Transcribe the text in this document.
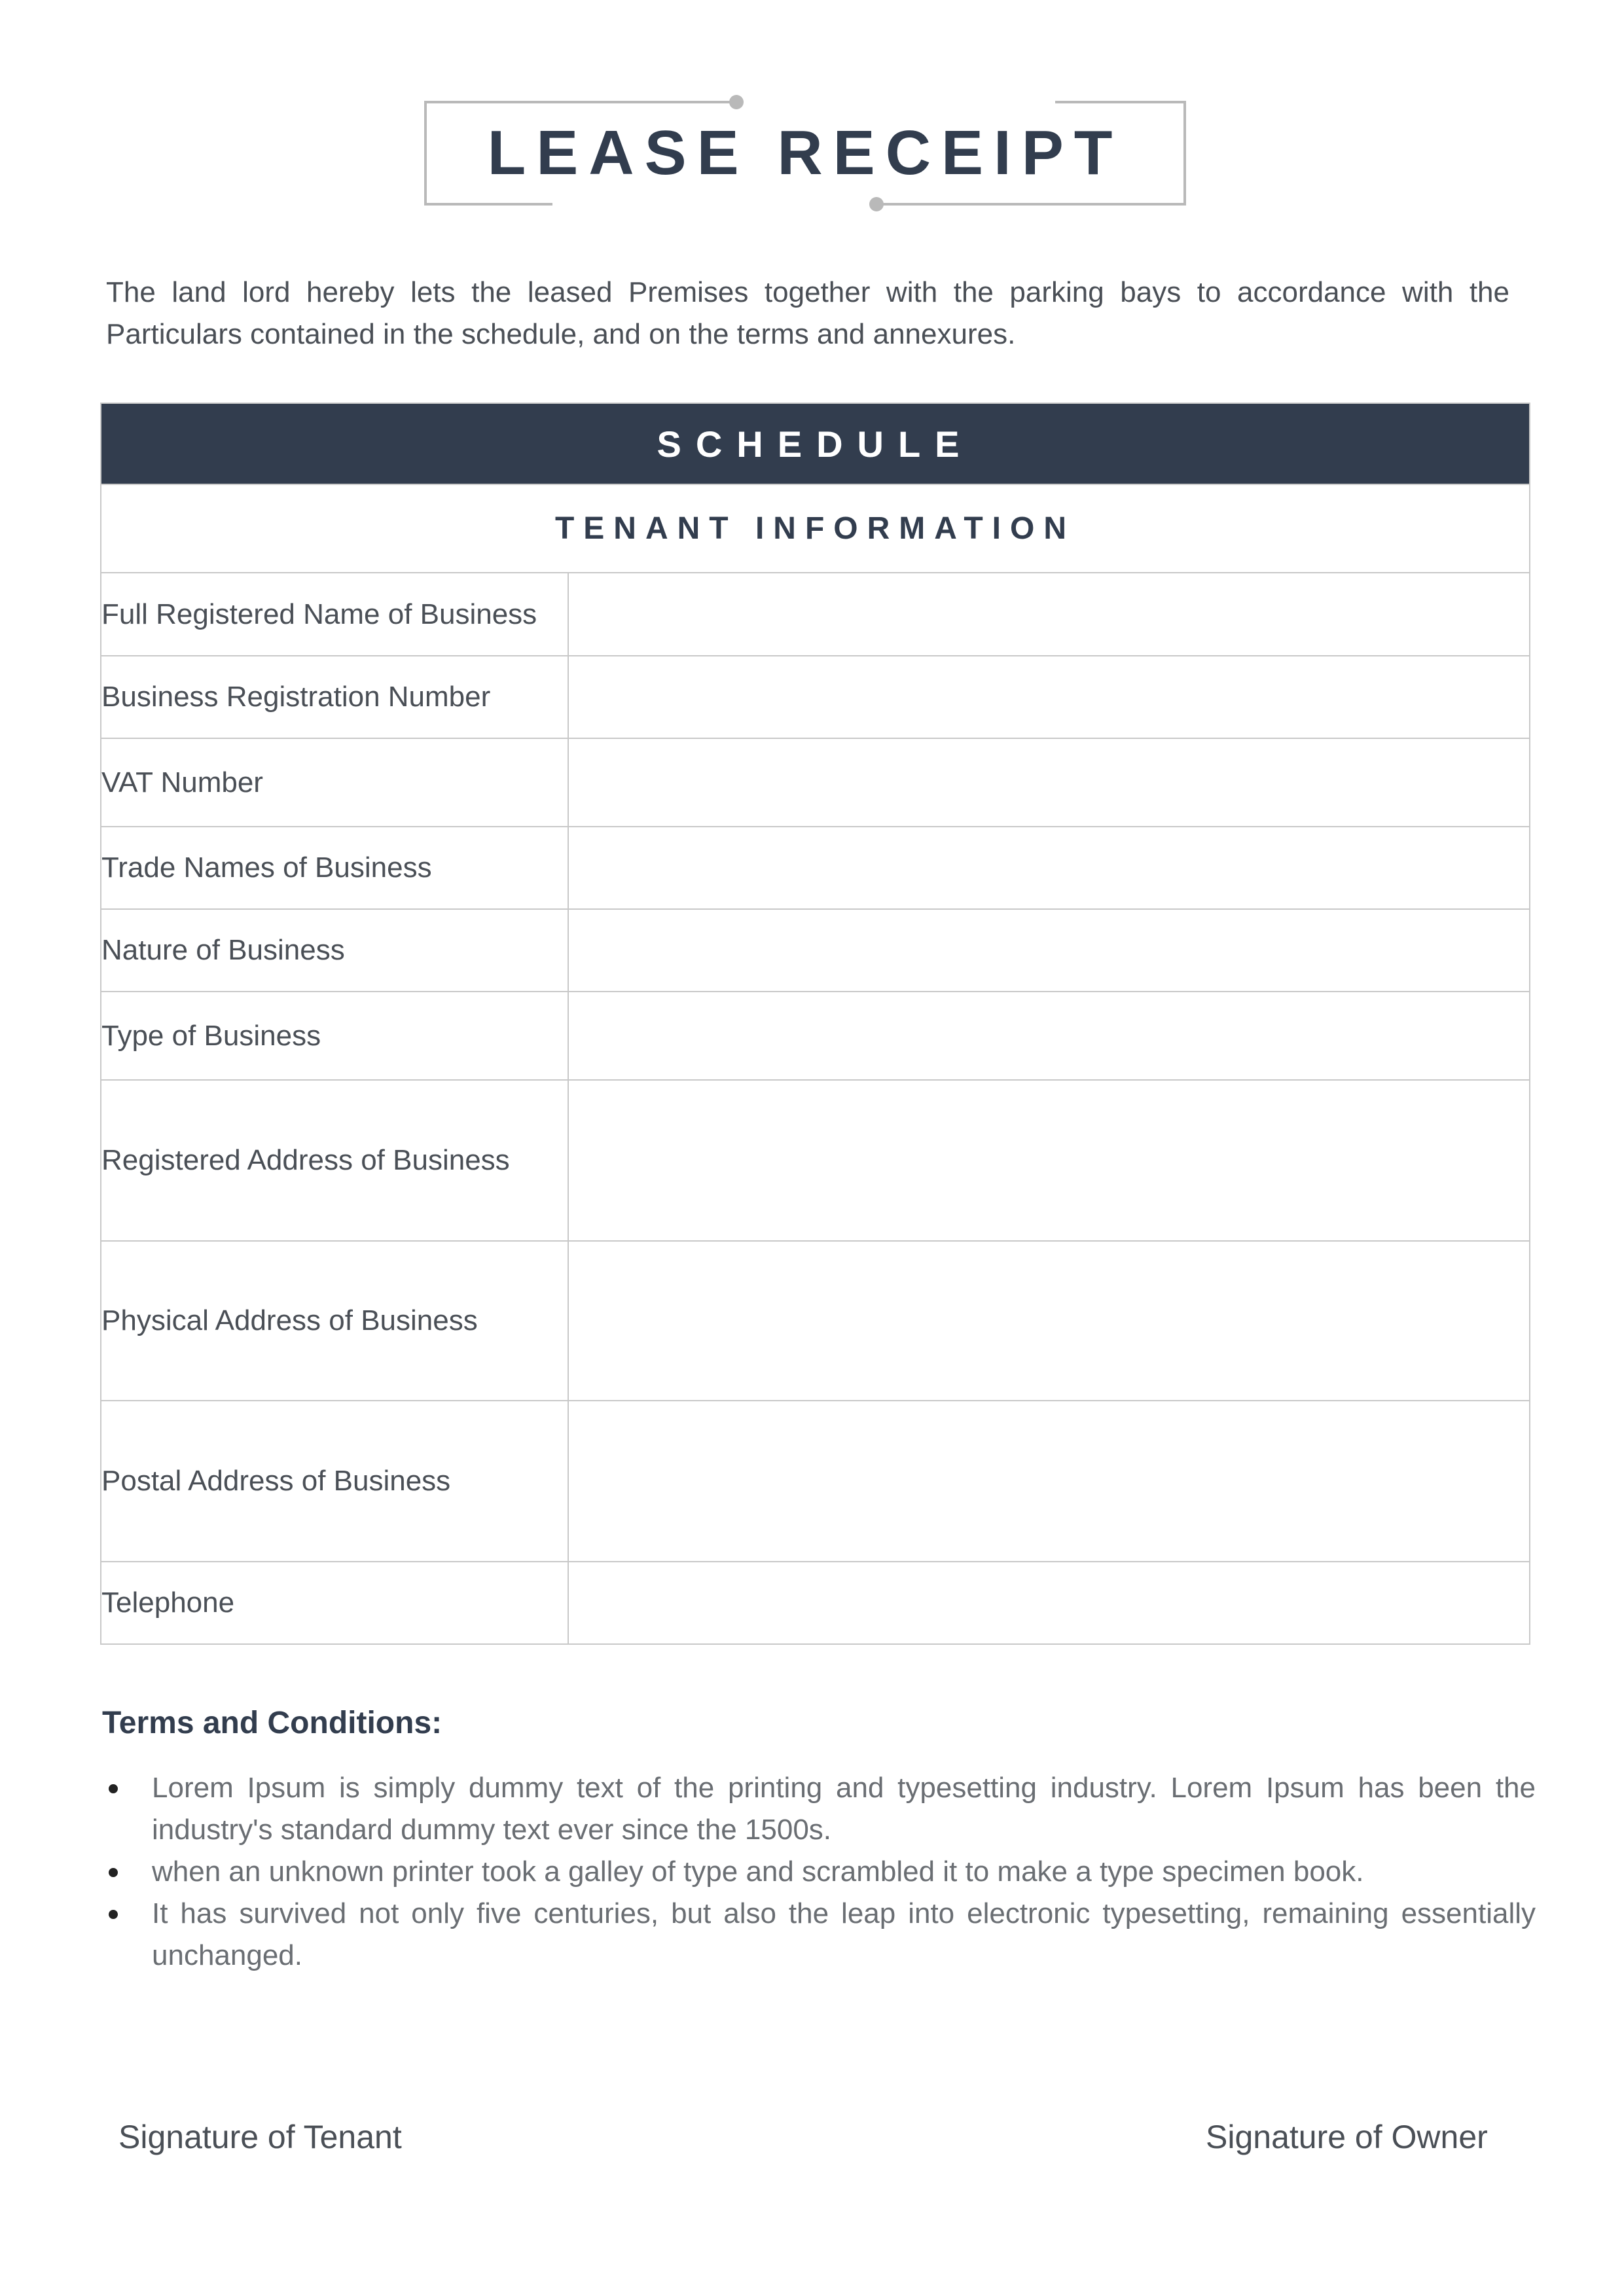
LEASE RECEIPT
The land lord hereby lets the leased Premises together with the parking bays to accordance with the Particulars contained in the schedule, and on the terms and annexures.
SCHEDULE	
TENANT INFORMATION	
Full Registered Name of Business	
Business Registration Number	
VAT Number	
Trade Names of Business	
Nature of Business	
Type of Business	
Registered Address of Business	
Physical Address of Business	
Postal Address of Business	
Telephone	
Terms and Conditions:
Lorem Ipsum is simply dummy text of the printing and typesetting industry. Lorem Ipsum has been the industry's standard dummy text ever since the 1500s.
when an unknown printer took a galley of type and scrambled it to make a type specimen book.
It has survived not only five centuries, but also the leap into electronic typesetting, remaining essentially unchanged.
Signature of Tenant	Signature of Owner
